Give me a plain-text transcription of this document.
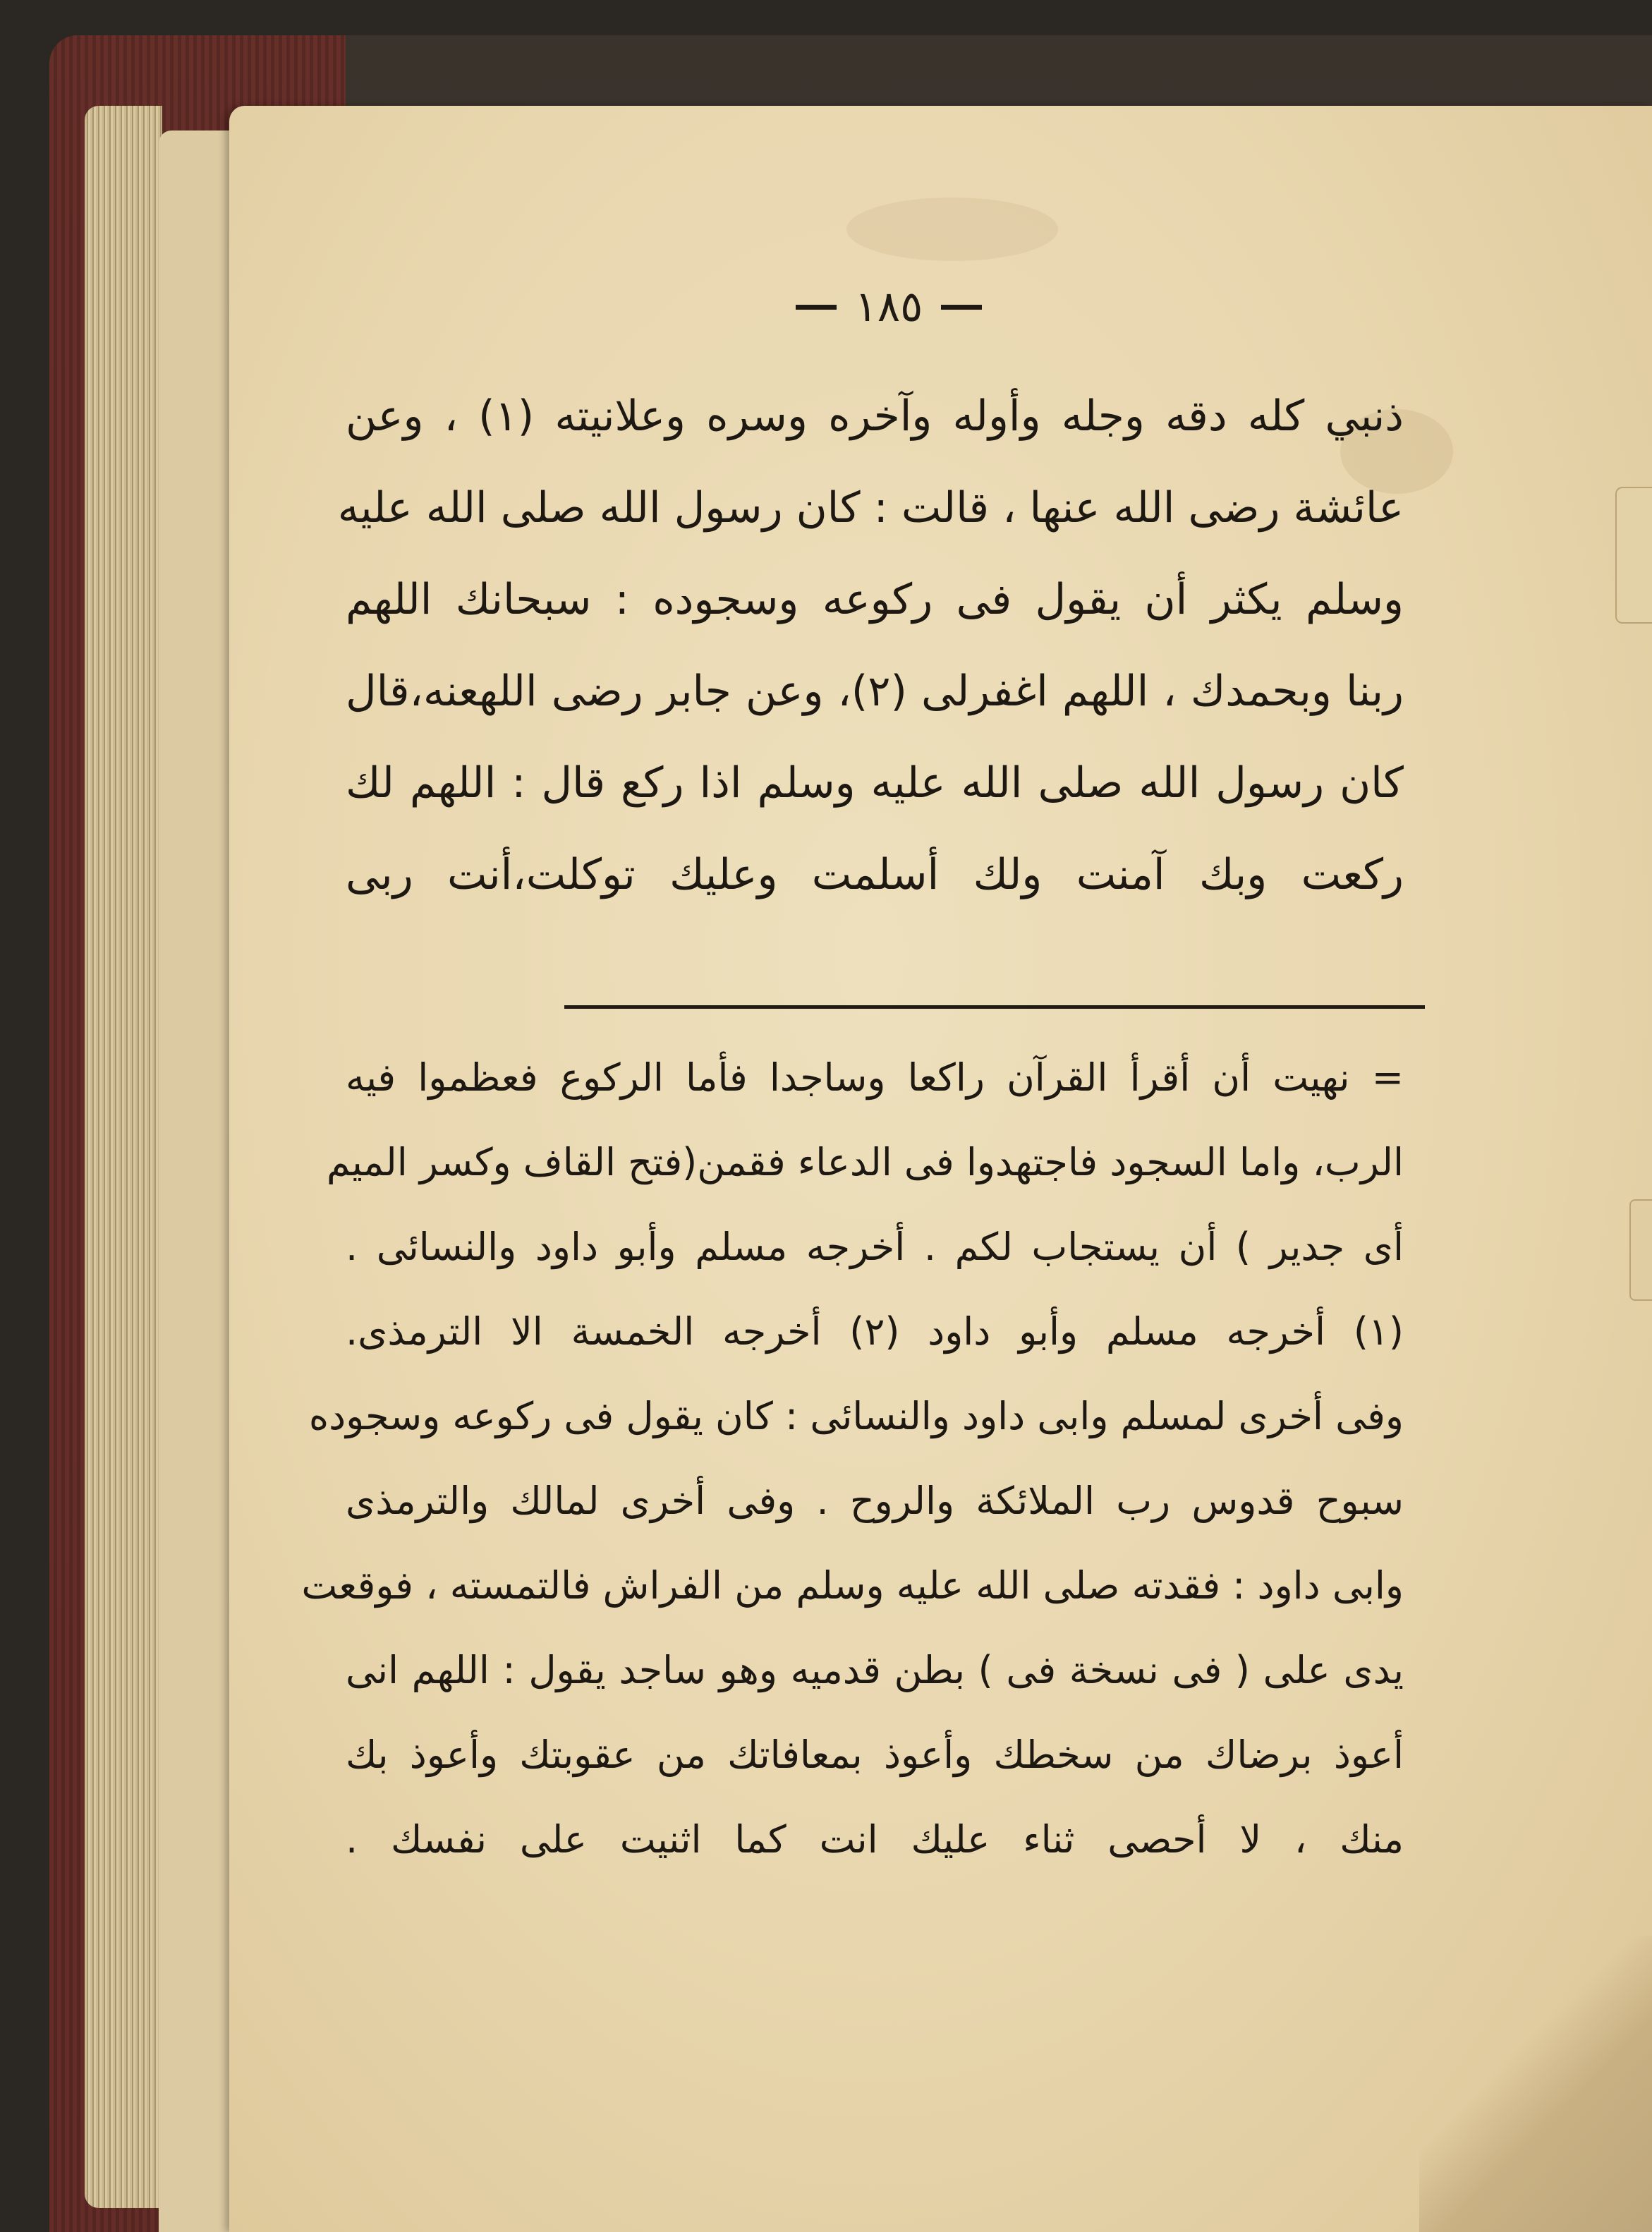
١٨٥
ذنبي كله دقه وجله وأوله وآخره وسره وعلانيته (١) ، وعن
عائشة رضى الله عنها ، قالت : كان رسول الله صلى الله عليه
وسلم يكثر أن يقول فى ركوعه وسجوده : سبحانك اللهم
ربنا وبحمدك ، اللهم اغفرلى (٢)، وعن جابر رضى اللهعنه،قال
كان رسول الله صلى الله عليه وسلم اذا ركع قال : اللهم لك
ركعت وبك آمنت ولك أسلمت وعليك توكلت،أنت ربى
= نهيت أن أقرأ القرآن راكعا وساجدا فأما الركوع فعظموا فيه
الرب، واما السجود فاجتهدوا فى الدعاء فقمن(فتح القاف وكسر الميم
أى جدير ) أن يستجاب لكم . أخرجه مسلم وأبو داود والنسائى .
(١) أخرجه مسلم وأبو داود (٢) أخرجه الخمسة الا الترمذى.
وفى أخرى لمسلم وابى داود والنسائى : كان يقول فى ركوعه وسجوده
سبوح قدوس رب الملائكة والروح . وفى أخرى لمالك والترمذى
وابى داود : فقدته صلى الله عليه وسلم من الفراش فالتمسته ، فوقعت
يدى على ( فى نسخة فى ) بطن قدميه وهو ساجد يقول : اللهم انى
أعوذ برضاك من سخطك وأعوذ بمعافاتك من عقوبتك وأعوذ بك
منك ، لا أحصى ثناء عليك انت كما اثنيت على نفسك .
